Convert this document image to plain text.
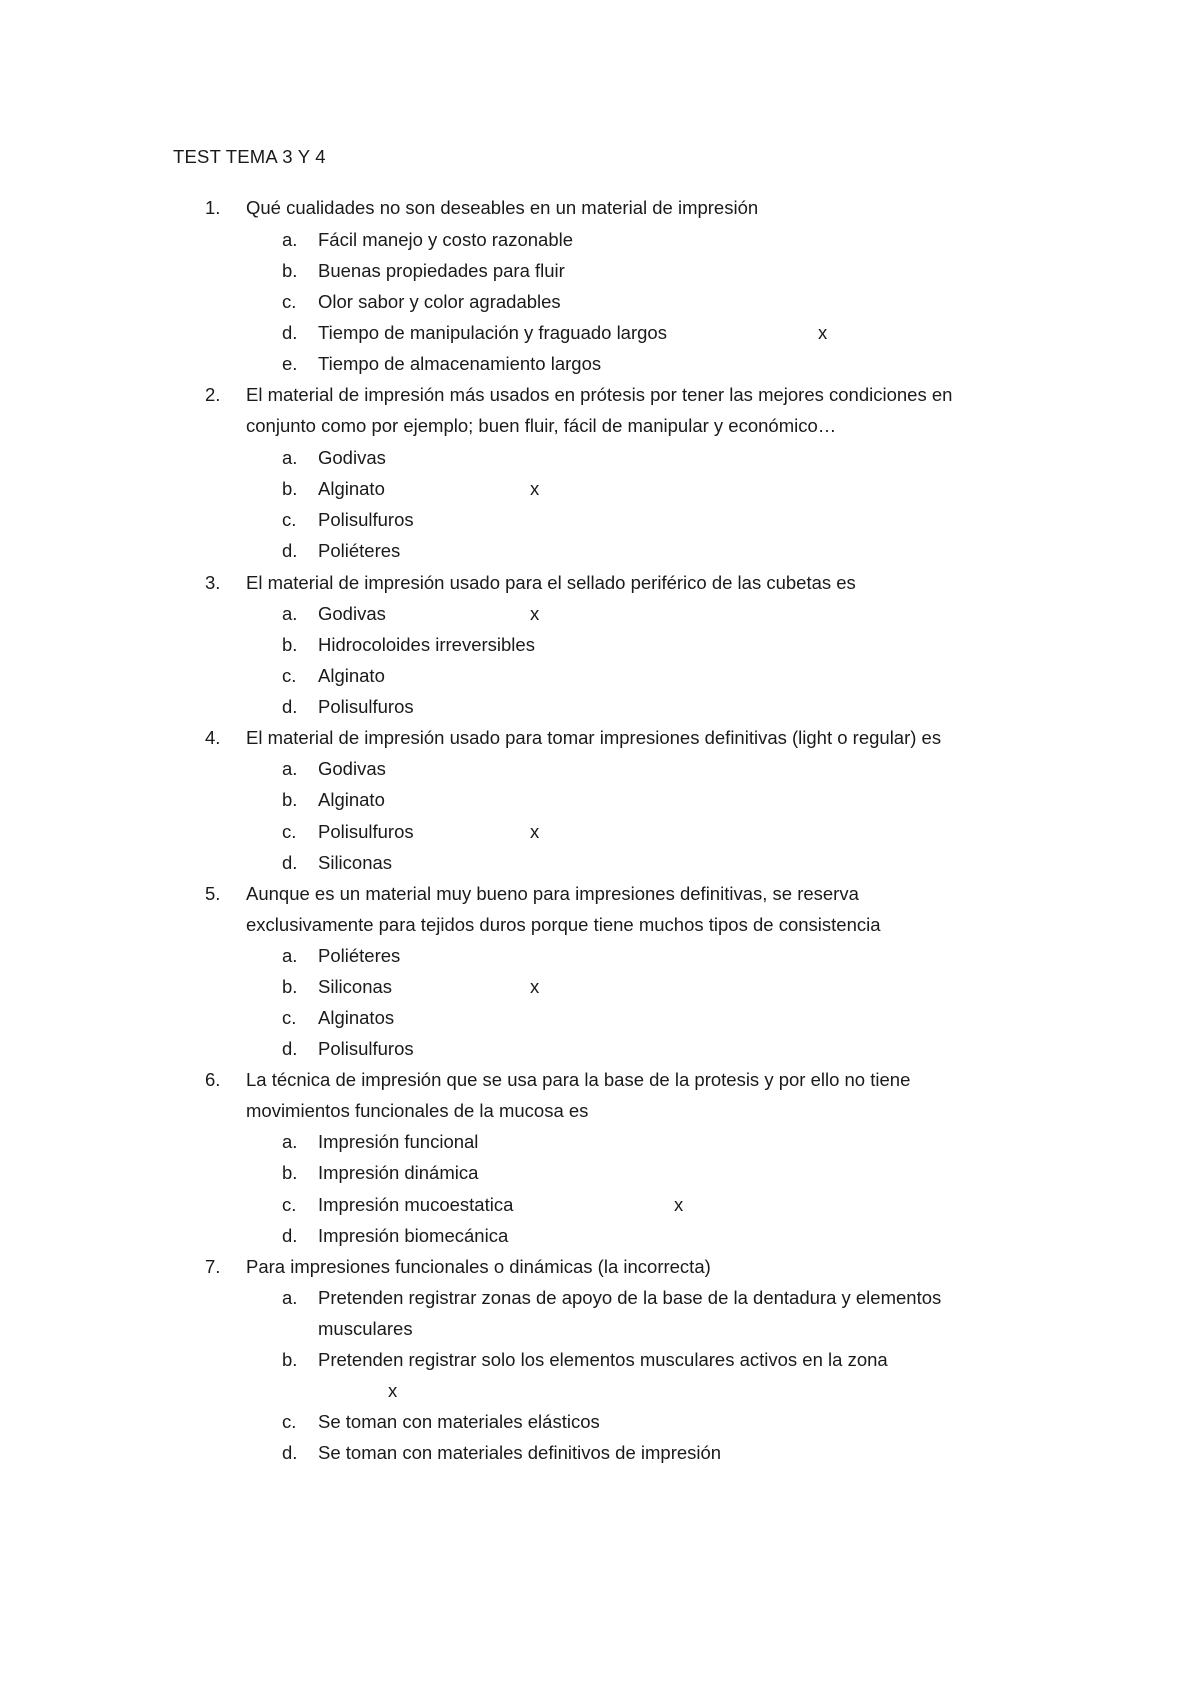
TEST TEMA 3 Y 4
1. Qué cualidades no son deseables en un material de impresión
a. Fácil manejo y costo razonable
b. Buenas propiedades para fluir
c. Olor sabor y color agradables
d. Tiempo de manipulación y fraguado largos	x
e. Tiempo de almacenamiento largos
2. El material de impresión más usados en prótesis por tener las mejores condiciones en
conjunto como por ejemplo; buen fluir, fácil de manipular y económico…
a. Godivas
b. Alginato	x
c. Polisulfuros
d. Poliéteres
3. El material de impresión usado para el sellado periférico de las cubetas es
a. Godivas	x
b. Hidrocoloides irreversibles
c. Alginato
d. Polisulfuros
4. El material de impresión usado para tomar impresiones definitivas (light o regular) es
a. Godivas
b. Alginato
c. Polisulfuros	x
d. Siliconas
5. Aunque es un material muy bueno para impresiones definitivas, se reserva
exclusivamente para tejidos duros porque tiene muchos tipos de consistencia
a. Poliéteres
b. Siliconas	x
c. Alginatos
d. Polisulfuros
6. La técnica de impresión que se usa para la base de la protesis y por ello no tiene
movimientos funcionales de la mucosa es
a. Impresión funcional
b. Impresión dinámica
c. Impresión mucoestatica	x
d. Impresión biomecánica
7. Para impresiones funcionales o dinámicas (la incorrecta)
a. Pretenden registrar zonas de apoyo de la base de la dentadura y elementos
musculares
b. Pretenden registrar solo los elementos musculares activos en la zona
x
c. Se toman con materiales elásticos
d. Se toman con materiales definitivos de impresión
